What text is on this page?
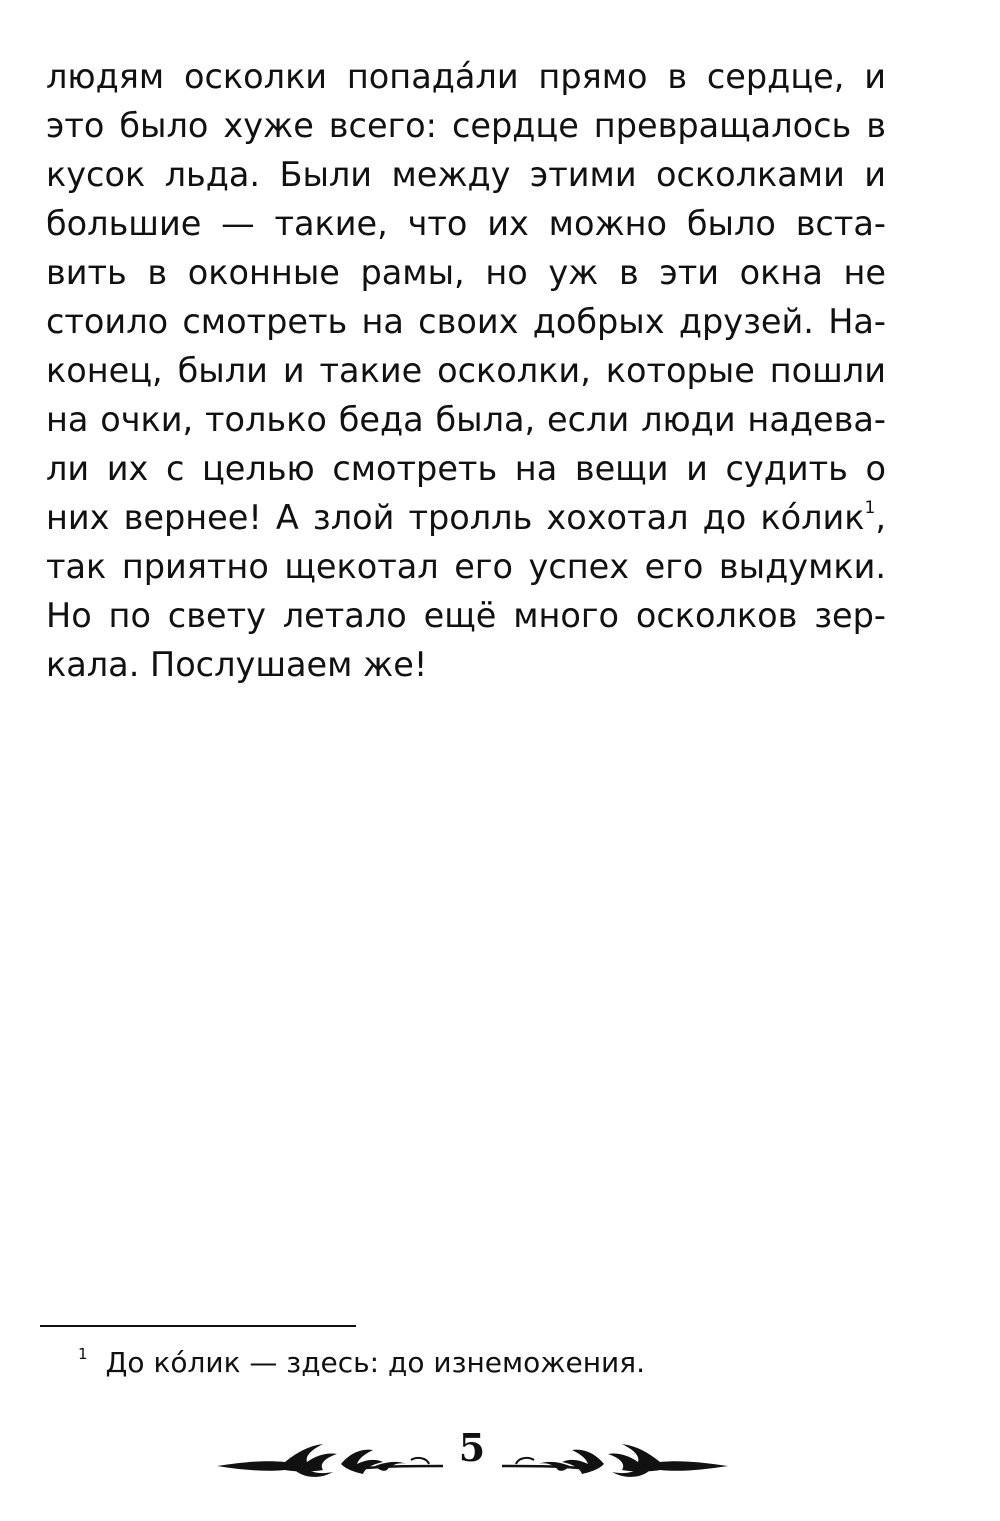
людям осколки попада́ли прямо в сердце, и
это было хуже всего: сердце превращалось в
кусок льда. Были между этими осколками и
большие — такие, что их можно было вста-
вить в оконные рамы, но уж в эти окна не
стоило смотреть на своих добрых друзей. На-
конец, были и такие осколки, которые пошли
на очки, только беда была, если люди надева-
ли их с целью смотреть на вещи и судить о
них вернее! А злой тролль хохотал до ко́лик$^1$,
так приятно щекотал его успех его выдумки.
Но по свету летало ещё много осколков зер-
кала. Послушаем же!
$^1$ До ко́лик — здесь: до изнеможения.
5
